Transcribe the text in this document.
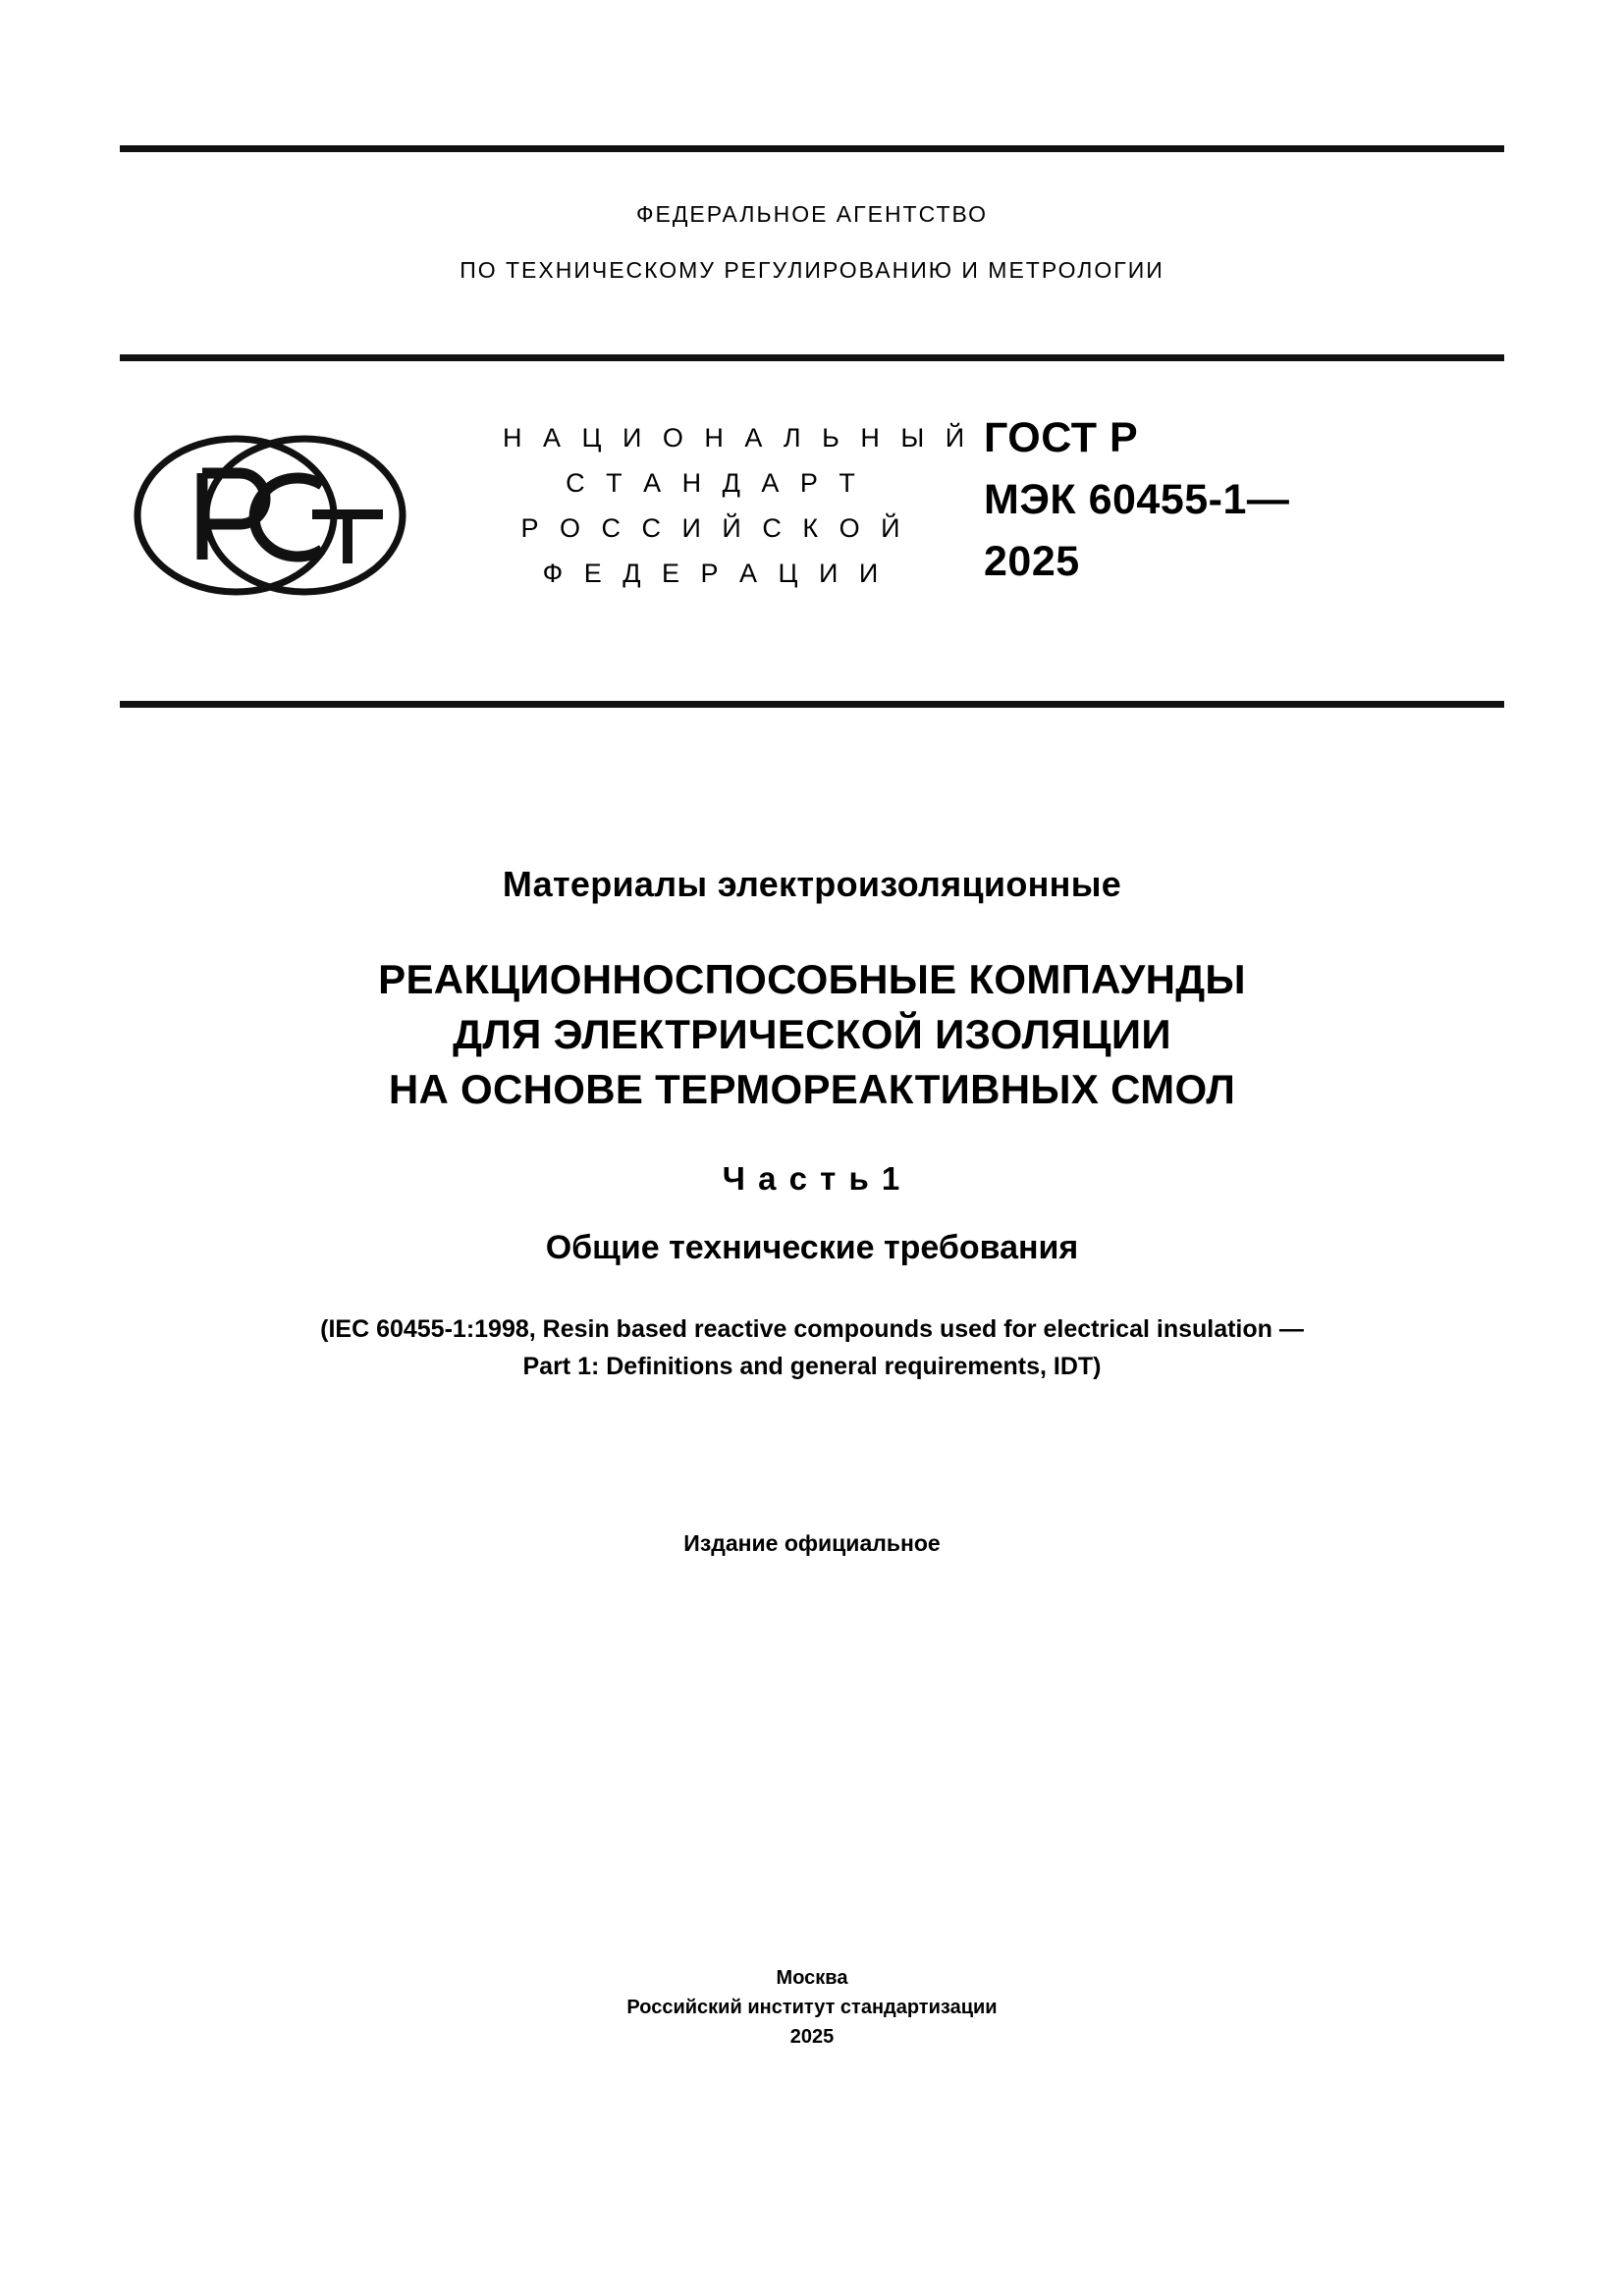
ФЕДЕРАЛЬНОЕ АГЕНТСТВО
ПО ТЕХНИЧЕСКОМУ РЕГУЛИРОВАНИЮ И МЕТРОЛОГИИ
Н А Ц И О Н А Л Ь Н Ы Й
С Т А Н Д А Р Т
Р О С С И Й С К О Й
Ф Е Д Е Р А Ц И И
ГОСТ Р
МЭК 60455-1—
2025
Материалы электроизоляционные
РЕАКЦИОННОСПОСОБНЫЕ КОМПАУНДЫ
ДЛЯ ЭЛЕКТРИЧЕСКОЙ ИЗОЛЯЦИИ
НА ОСНОВЕ ТЕРМОРЕАКТИВНЫХ СМОЛ
Ч а с т ь 1
Общие технические требования
(IEC 60455-1:1998, Resin based reactive compounds used for electrical insulation —
Part 1: Definitions and general requirements, IDT)
Издание официальное
Москва
Российский институт стандартизации
2025
